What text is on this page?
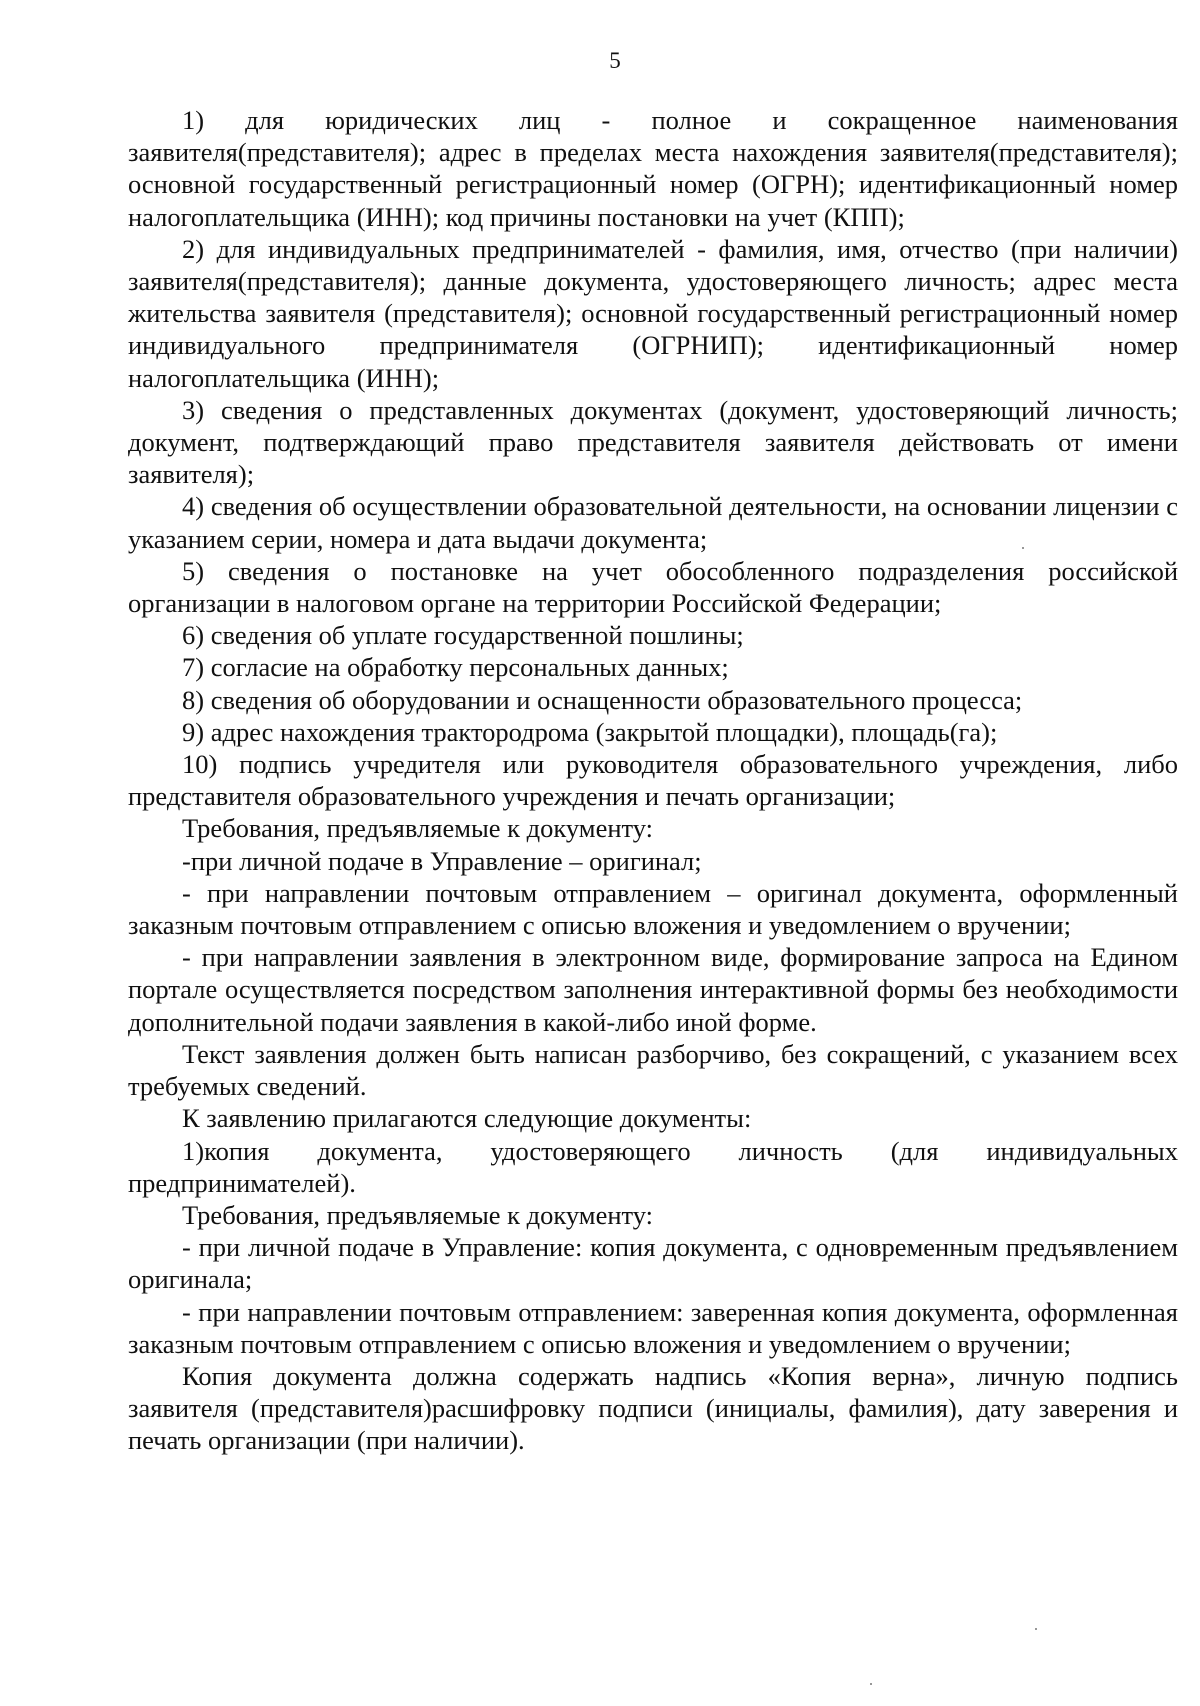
5

1) для юридических лиц - полное и сокращенное наименования заявителя(представителя); адрес в пределах места нахождения заявителя(представителя); основной государственный регистрационный номер (ОГРН); идентификационный номер налогоплательщика (ИНН); код причины постановки на учет (КПП);

2) для индивидуальных предпринимателей - фамилия, имя, отчество (при наличии) заявителя(представителя); данные документа, удостоверяющего личность; адрес места жительства заявителя (представителя); основной государственный регистрационный номер индивидуального предпринимателя (ОГРНИП); идентификационный номер налогоплательщика (ИНН);

3) сведения о представленных документах (документ, удостоверяющий личность; документ, подтверждающий право представителя заявителя действовать от имени заявителя);

4) сведения об осуществлении образовательной деятельности, на основании лицензии с указанием серии, номера и дата выдачи документа;

5) сведения о постановке на учет обособленного подразделения российской организации в налоговом органе на территории Российской Федерации;

6) сведения об уплате государственной пошлины;

7) согласие на обработку персональных данных;

8) сведения об оборудовании и оснащенности образовательного процесса;

9) адрес нахождения трактородрома (закрытой площадки), площадь(га);

10) подпись учредителя или руководителя образовательного учреждения, либо представителя образовательного учреждения и печать организации;

Требования, предъявляемые к документу:

-при личной подаче в Управление – оригинал;

- при направлении почтовым отправлением – оригинал документа, оформленный заказным почтовым отправлением с описью вложения и уведомлением о вручении;

- при направлении заявления в электронном виде, формирование запроса на Едином портале осуществляется посредством заполнения интерактивной формы без необходимости дополнительной подачи заявления в какой-либо иной форме.

Текст заявления должен быть написан разборчиво, без сокращений, с указанием всех требуемых сведений.

К заявлению прилагаются следующие документы:

1)копия документа, удостоверяющего личность (для индивидуальных предпринимателей).

Требования, предъявляемые к документу:

- при личной подаче в Управление: копия документа, с одновременным предъявлением оригинала;

- при направлении почтовым отправлением: заверенная копия документа, оформленная заказным почтовым отправлением с описью вложения и уведомлением о вручении;

Копия документа должна содержать надпись «Копия верна», личную подпись заявителя (представителя)расшифровку подписи (инициалы, фамилия), дату заверения и печать организации (при наличии).
